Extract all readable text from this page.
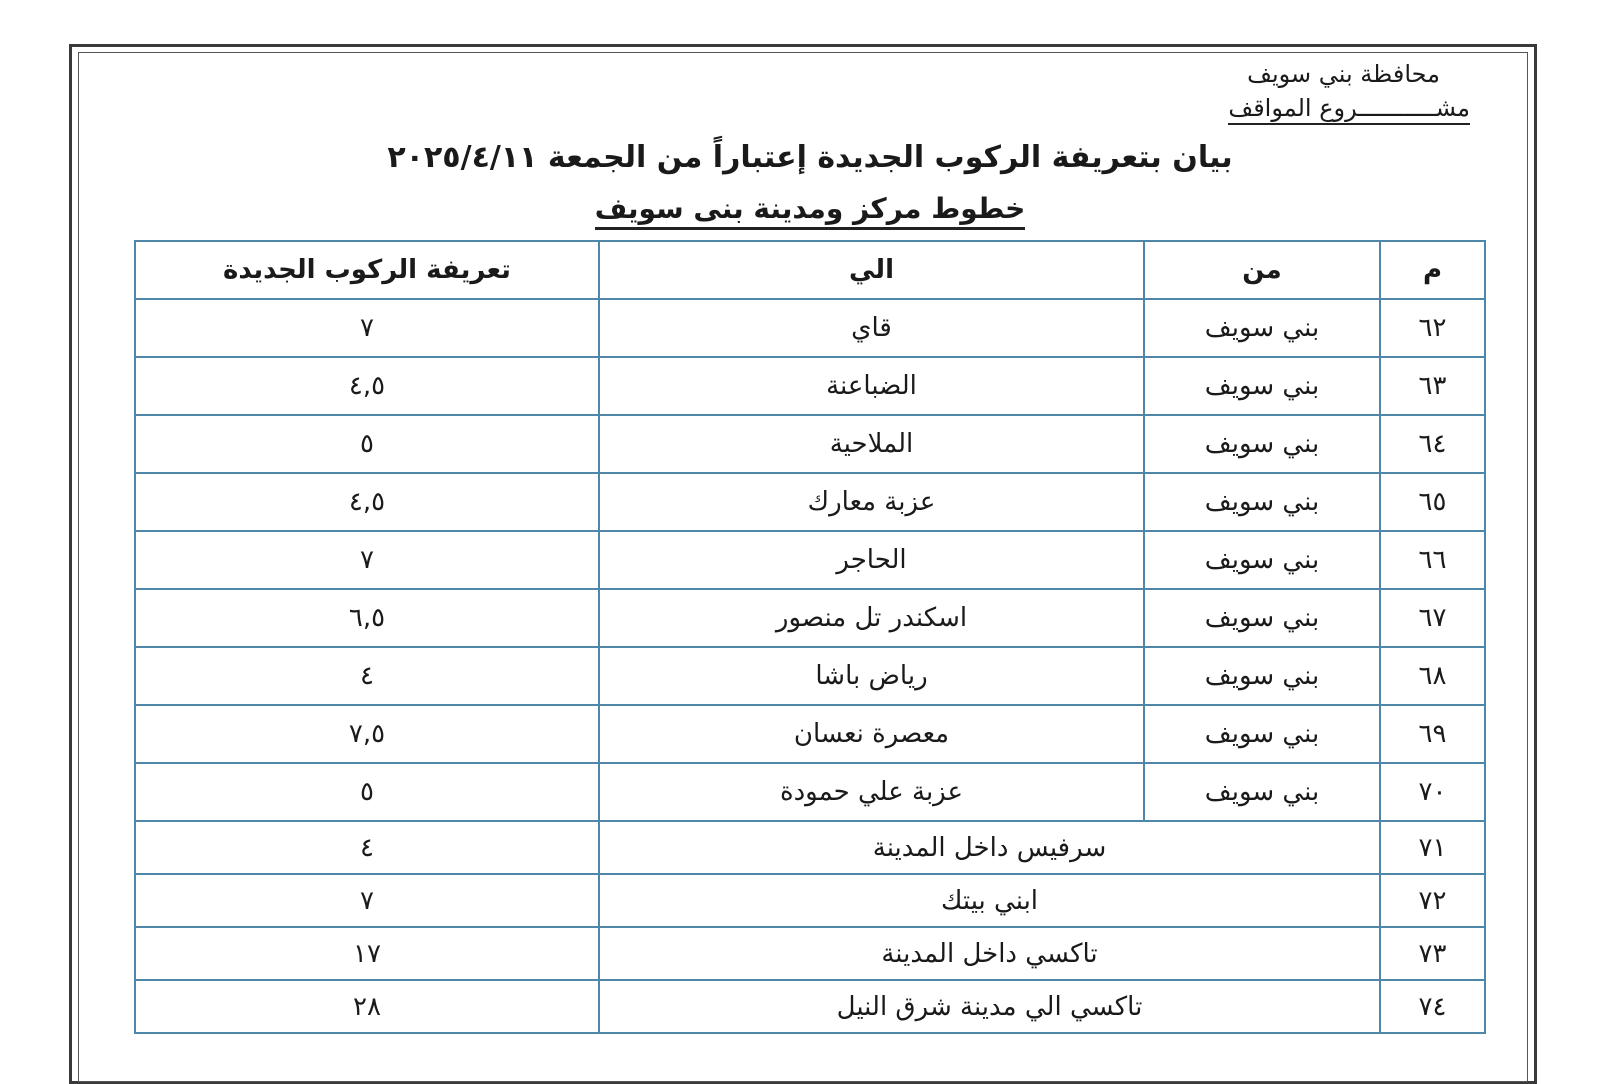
محافظة بني سويف
مشـــــــــــروع المواقف
بيان بتعريفة الركوب الجديدة إعتباراً من الجمعة ٢٠٢٥/٤/١١
خطوط مركز ومدينة بنى سويف
م	من	الي	تعريفة الركوب الجديدة
٦٢	بني سويف	قاي	٧
٦٣	بني سويف	الضباعنة	٤,٥
٦٤	بني سويف	الملاحية	٥
٦٥	بني سويف	عزبة معارك	٤,٥
٦٦	بني سويف	الحاجر	٧
٦٧	بني سويف	اسكندر تل منصور	٦,٥
٦٨	بني سويف	رياض باشا	٤
٦٩	بني سويف	معصرة نعسان	٧,٥
٧٠	بني سويف	عزبة علي حمودة	٥
٧١	سرفيس داخل المدينة		٤
٧٢	ابني بيتك		٧
٧٣	تاكسي داخل المدينة		١٧
٧٤	تاكسي الي مدينة شرق النيل		٢٨
